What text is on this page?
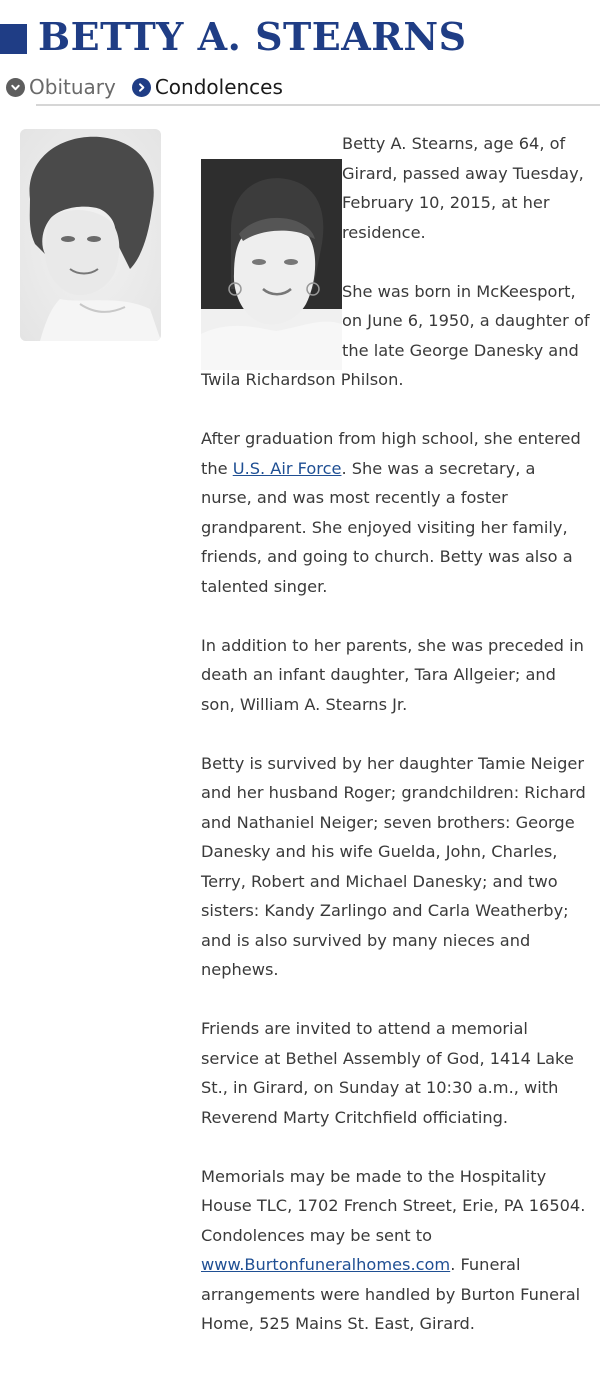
BETTY A. STEARNS
Obituary Condolences

Betty A. Stearns, age 64, of Girard, passed away Tuesday, February 10, 2015, at her residence.

She was born in McKeesport, on June 6, 1950, a daughter of the late George Danesky and Twila Richardson Philson.

After graduation from high school, she entered the U.S. Air Force. She was a secretary, a nurse, and was most recently a foster grandparent. She enjoyed visiting her family, friends, and going to church. Betty was also a talented singer.

In addition to her parents, she was preceded in death an infant daughter, Tara Allgeier; and son, William A. Stearns Jr.

Betty is survived by her daughter Tamie Neiger and her husband Roger; grandchildren: Richard and Nathaniel Neiger; seven brothers: George Danesky and his wife Guelda, John, Charles, Terry, Robert and Michael Danesky; and two sisters: Kandy Zarlingo and Carla Weatherby; and is also survived by many nieces and nephews.

Friends are invited to attend a memorial service at Bethel Assembly of God, 1414 Lake St., in Girard, on Sunday at 10:30 a.m., with Reverend Marty Critchfield officiating.

Memorials may be made to the Hospitality House TLC, 1702 French Street, Erie, PA 16504. Condolences may be sent to www.Burtonfuneralhomes.com. Funeral arrangements were handled by Burton Funeral Home, 525 Mains St. East, Girard.
